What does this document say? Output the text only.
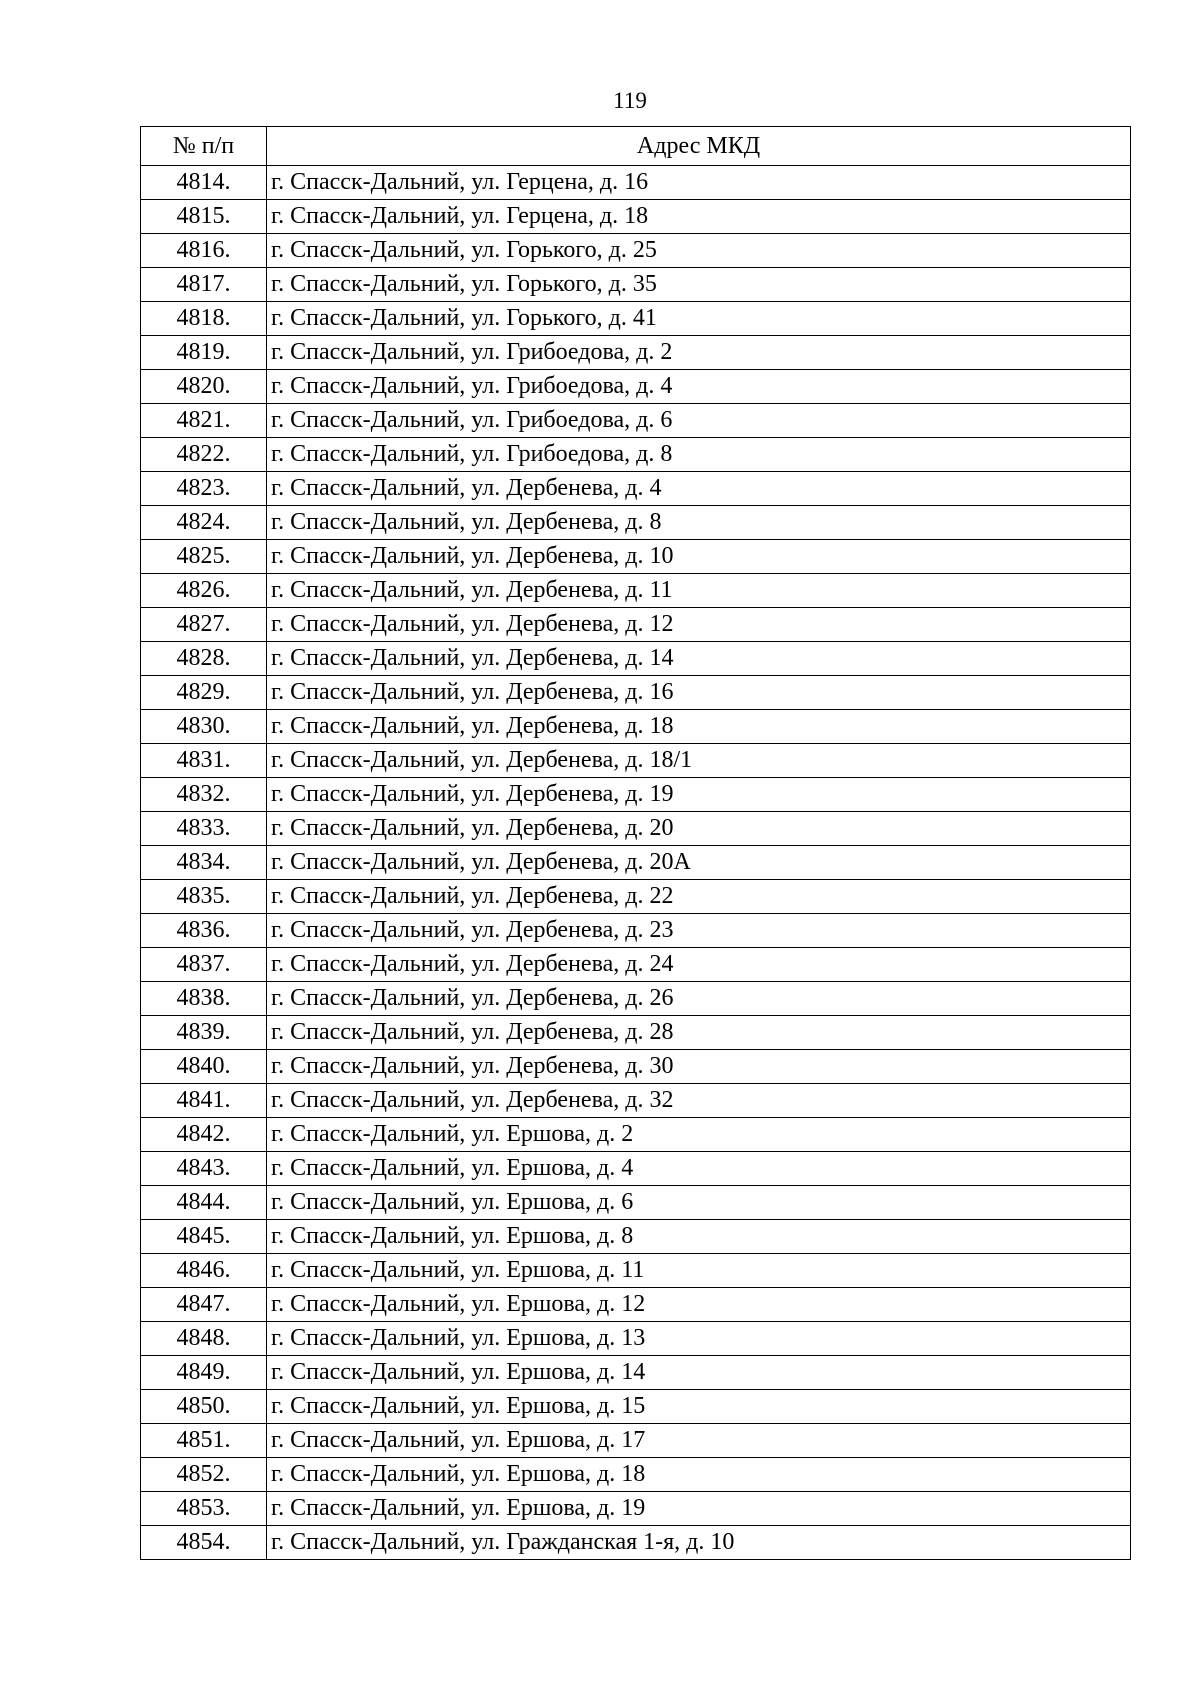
119
№ п/п	Адрес МКД
4814.	г. Спасск-Дальний, ул. Герцена, д. 16
4815.	г. Спасск-Дальний, ул. Герцена, д. 18
4816.	г. Спасск-Дальний, ул. Горького, д. 25
4817.	г. Спасск-Дальний, ул. Горького, д. 35
4818.	г. Спасск-Дальний, ул. Горького, д. 41
4819.	г. Спасск-Дальний, ул. Грибоедова, д. 2
4820.	г. Спасск-Дальний, ул. Грибоедова, д. 4
4821.	г. Спасск-Дальний, ул. Грибоедова, д. 6
4822.	г. Спасск-Дальний, ул. Грибоедова, д. 8
4823.	г. Спасск-Дальний, ул. Дербенева, д. 4
4824.	г. Спасск-Дальний, ул. Дербенева, д. 8
4825.	г. Спасск-Дальний, ул. Дербенева, д. 10
4826.	г. Спасск-Дальний, ул. Дербенева, д. 11
4827.	г. Спасск-Дальний, ул. Дербенева, д. 12
4828.	г. Спасск-Дальний, ул. Дербенева, д. 14
4829.	г. Спасск-Дальний, ул. Дербенева, д. 16
4830.	г. Спасск-Дальний, ул. Дербенева, д. 18
4831.	г. Спасск-Дальний, ул. Дербенева, д. 18/1
4832.	г. Спасск-Дальний, ул. Дербенева, д. 19
4833.	г. Спасск-Дальний, ул. Дербенева, д. 20
4834.	г. Спасск-Дальний, ул. Дербенева, д. 20А
4835.	г. Спасск-Дальний, ул. Дербенева, д. 22
4836.	г. Спасск-Дальний, ул. Дербенева, д. 23
4837.	г. Спасск-Дальний, ул. Дербенева, д. 24
4838.	г. Спасск-Дальний, ул. Дербенева, д. 26
4839.	г. Спасск-Дальний, ул. Дербенева, д. 28
4840.	г. Спасск-Дальний, ул. Дербенева, д. 30
4841.	г. Спасск-Дальний, ул. Дербенева, д. 32
4842.	г. Спасск-Дальний, ул. Ершова, д. 2
4843.	г. Спасск-Дальний, ул. Ершова, д. 4
4844.	г. Спасск-Дальний, ул. Ершова, д. 6
4845.	г. Спасск-Дальний, ул. Ершова, д. 8
4846.	г. Спасск-Дальний, ул. Ершова, д. 11
4847.	г. Спасск-Дальний, ул. Ершова, д. 12
4848.	г. Спасск-Дальний, ул. Ершова, д. 13
4849.	г. Спасск-Дальний, ул. Ершова, д. 14
4850.	г. Спасск-Дальний, ул. Ершова, д. 15
4851.	г. Спасск-Дальний, ул. Ершова, д. 17
4852.	г. Спасск-Дальний, ул. Ершова, д. 18
4853.	г. Спасск-Дальний, ул. Ершова, д. 19
4854.	г. Спасск-Дальний, ул. Гражданская 1-я, д. 10
